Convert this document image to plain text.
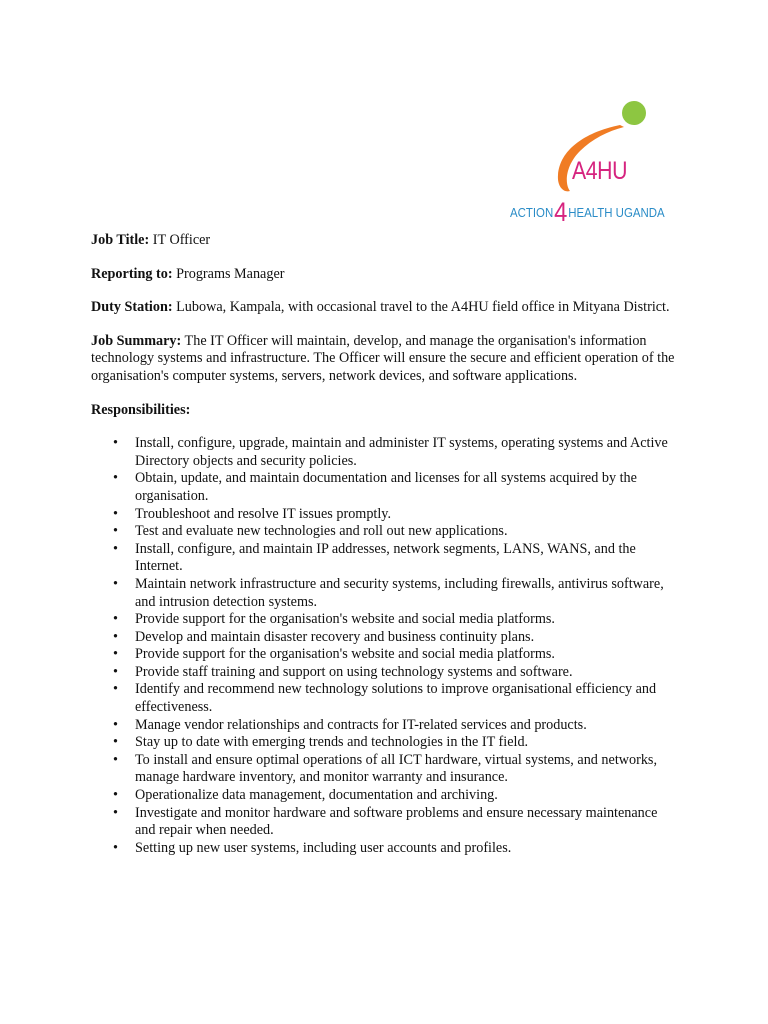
A4HU
ACTION4HEALTH UGANDA
Job Title: IT Officer
Reporting to: Programs Manager
Duty Station: Lubowa, Kampala, with occasional travel to the A4HU field office in Mityana District.
Job Summary: The IT Officer will maintain, develop, and manage the organisation's information technology systems and infrastructure. The Officer will ensure the secure and efficient operation of the organisation's computer systems, servers, network devices, and software applications.
Responsibilities:
• Install, configure, upgrade, maintain and administer IT systems, operating systems and Active Directory objects and security policies.
• Obtain, update, and maintain documentation and licenses for all systems acquired by the organisation.
• Troubleshoot and resolve IT issues promptly.
• Test and evaluate new technologies and roll out new applications.
• Install, configure, and maintain IP addresses, network segments, LANS, WANS, and the Internet.
• Maintain network infrastructure and security systems, including firewalls, antivirus software, and intrusion detection systems.
• Provide support for the organisation's website and social media platforms.
• Develop and maintain disaster recovery and business continuity plans.
• Provide support for the organisation's website and social media platforms.
• Provide staff training and support on using technology systems and software.
• Identify and recommend new technology solutions to improve organisational efficiency and effectiveness.
• Manage vendor relationships and contracts for IT-related services and products.
• Stay up to date with emerging trends and technologies in the IT field.
• To install and ensure optimal operations of all ICT hardware, virtual systems, and networks, manage hardware inventory, and monitor warranty and insurance.
• Operationalize data management, documentation and archiving.
• Investigate and monitor hardware and software problems and ensure necessary maintenance and repair when needed.
• Setting up new user systems, including user accounts and profiles.
